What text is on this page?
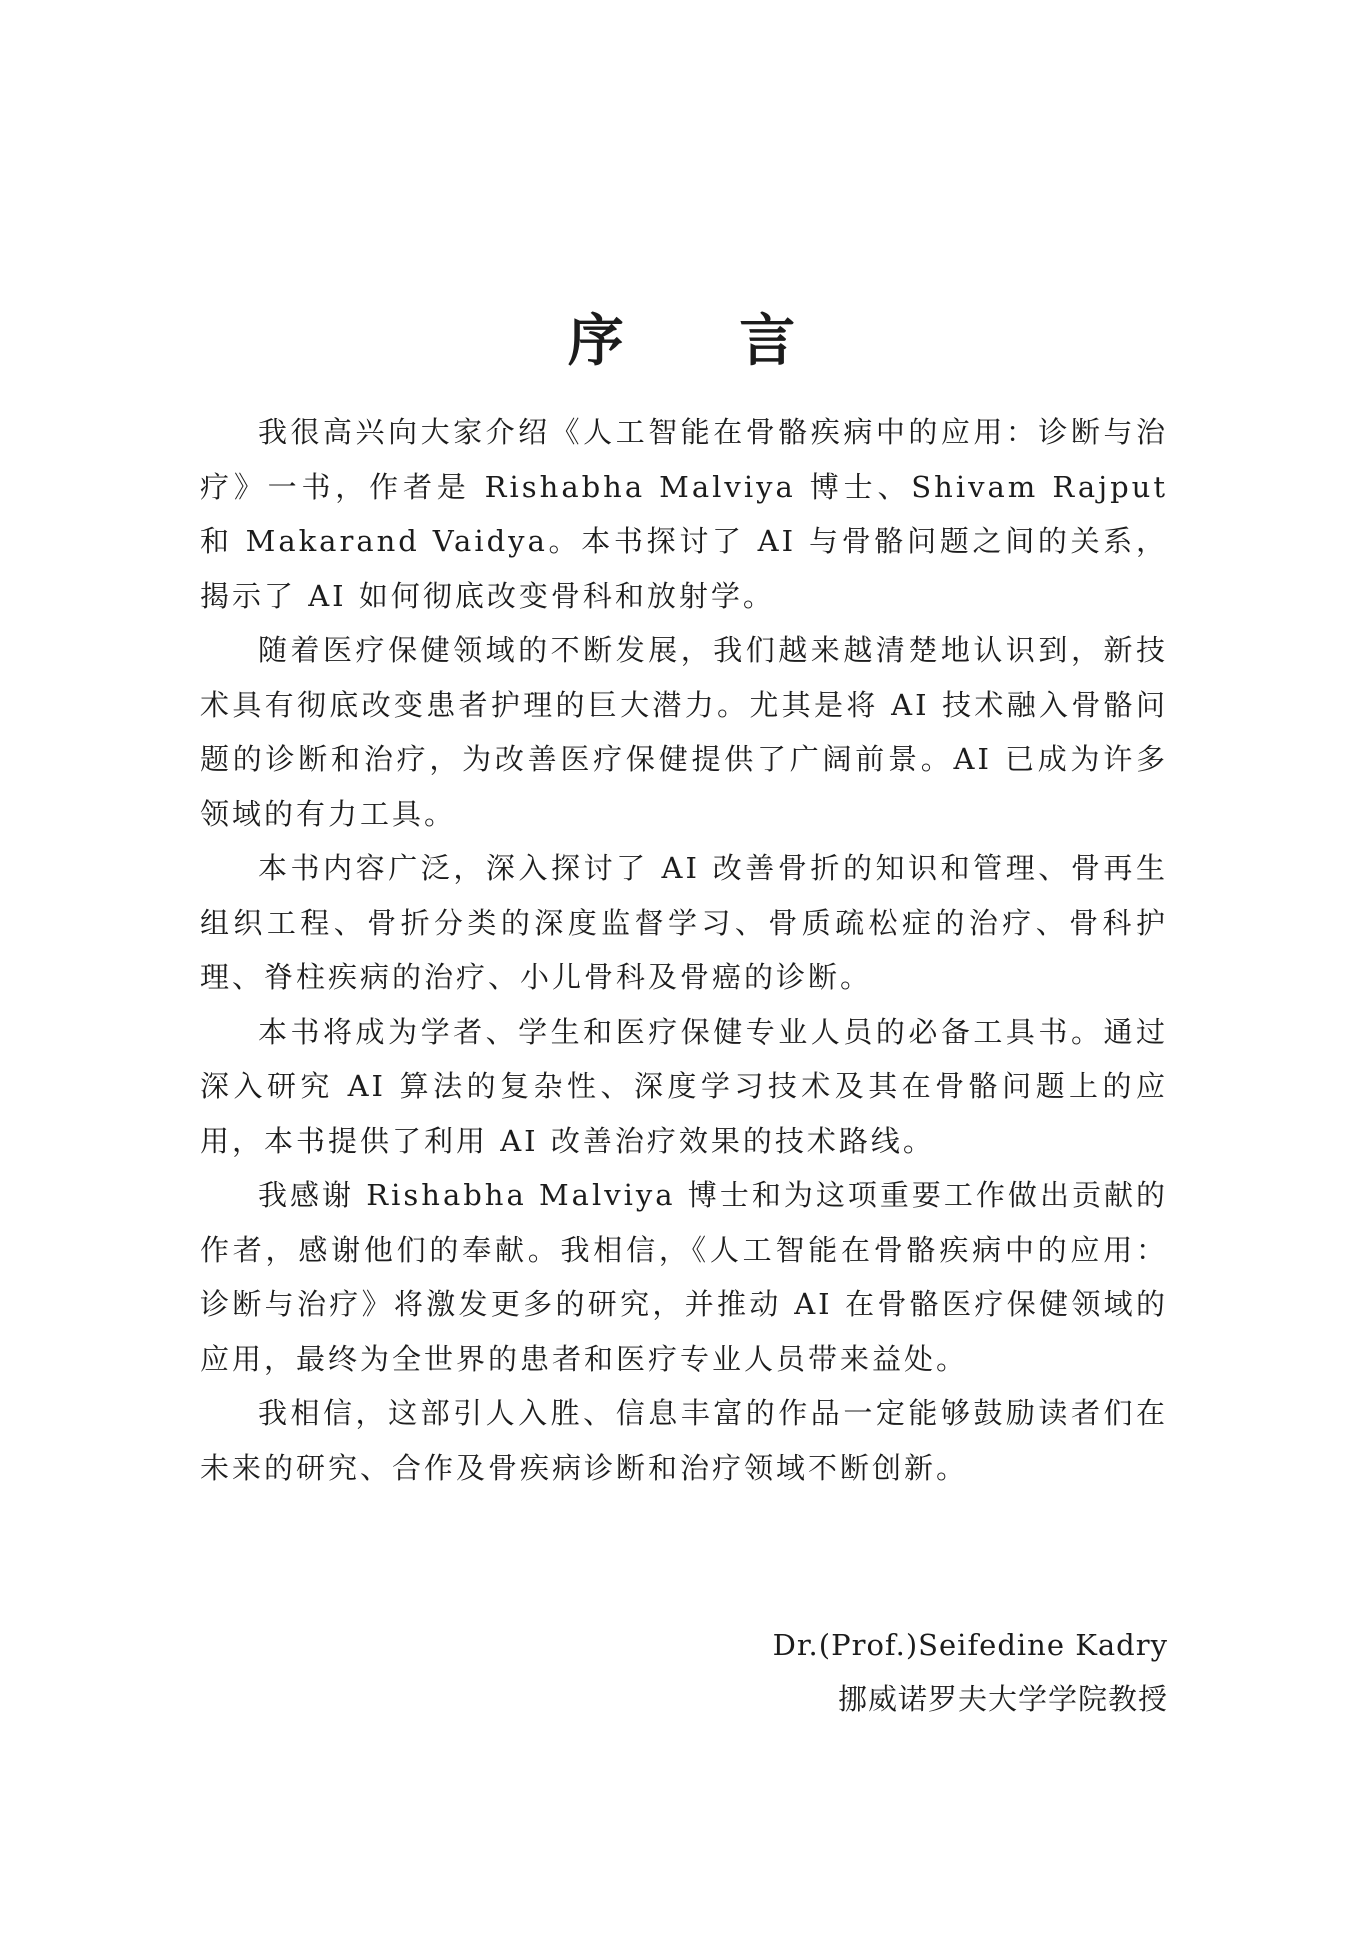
序 言

我很高兴向大家介绍《人工智能在骨骼疾病中的应用：诊断与治疗》一书，作者是 Rishabha Malviya 博士、Shivam Rajput 和 Makarand Vaidya。本书探讨了 AI 与骨骼问题之间的关系，揭示了 AI 如何彻底改变骨科和放射学。

随着医疗保健领域的不断发展，我们越来越清楚地认识到，新技术具有彻底改变患者护理的巨大潜力。尤其是将 AI 技术融入骨骼问题的诊断和治疗，为改善医疗保健提供了广阔前景。AI 已成为许多领域的有力工具。

本书内容广泛，深入探讨了 AI 改善骨折的知识和管理、骨再生组织工程、骨折分类的深度监督学习、骨质疏松症的治疗、骨科护理、脊柱疾病的治疗、小儿骨科及骨癌的诊断。

本书将成为学者、学生和医疗保健专业人员的必备工具书。通过深入研究 AI 算法的复杂性、深度学习技术及其在骨骼问题上的应用，本书提供了利用 AI 改善治疗效果的技术路线。

我感谢 Rishabha Malviya 博士和为这项重要工作做出贡献的作者，感谢他们的奉献。我相信，《人工智能在骨骼疾病中的应用：诊断与治疗》将激发更多的研究，并推动 AI 在骨骼医疗保健领域的应用，最终为全世界的患者和医疗专业人员带来益处。

我相信，这部引人入胜、信息丰富的作品一定能够鼓励读者们在未来的研究、合作及骨疾病诊断和治疗领域不断创新。

Dr.(Prof.)Seifedine Kadry
挪威诺罗夫大学学院教授
